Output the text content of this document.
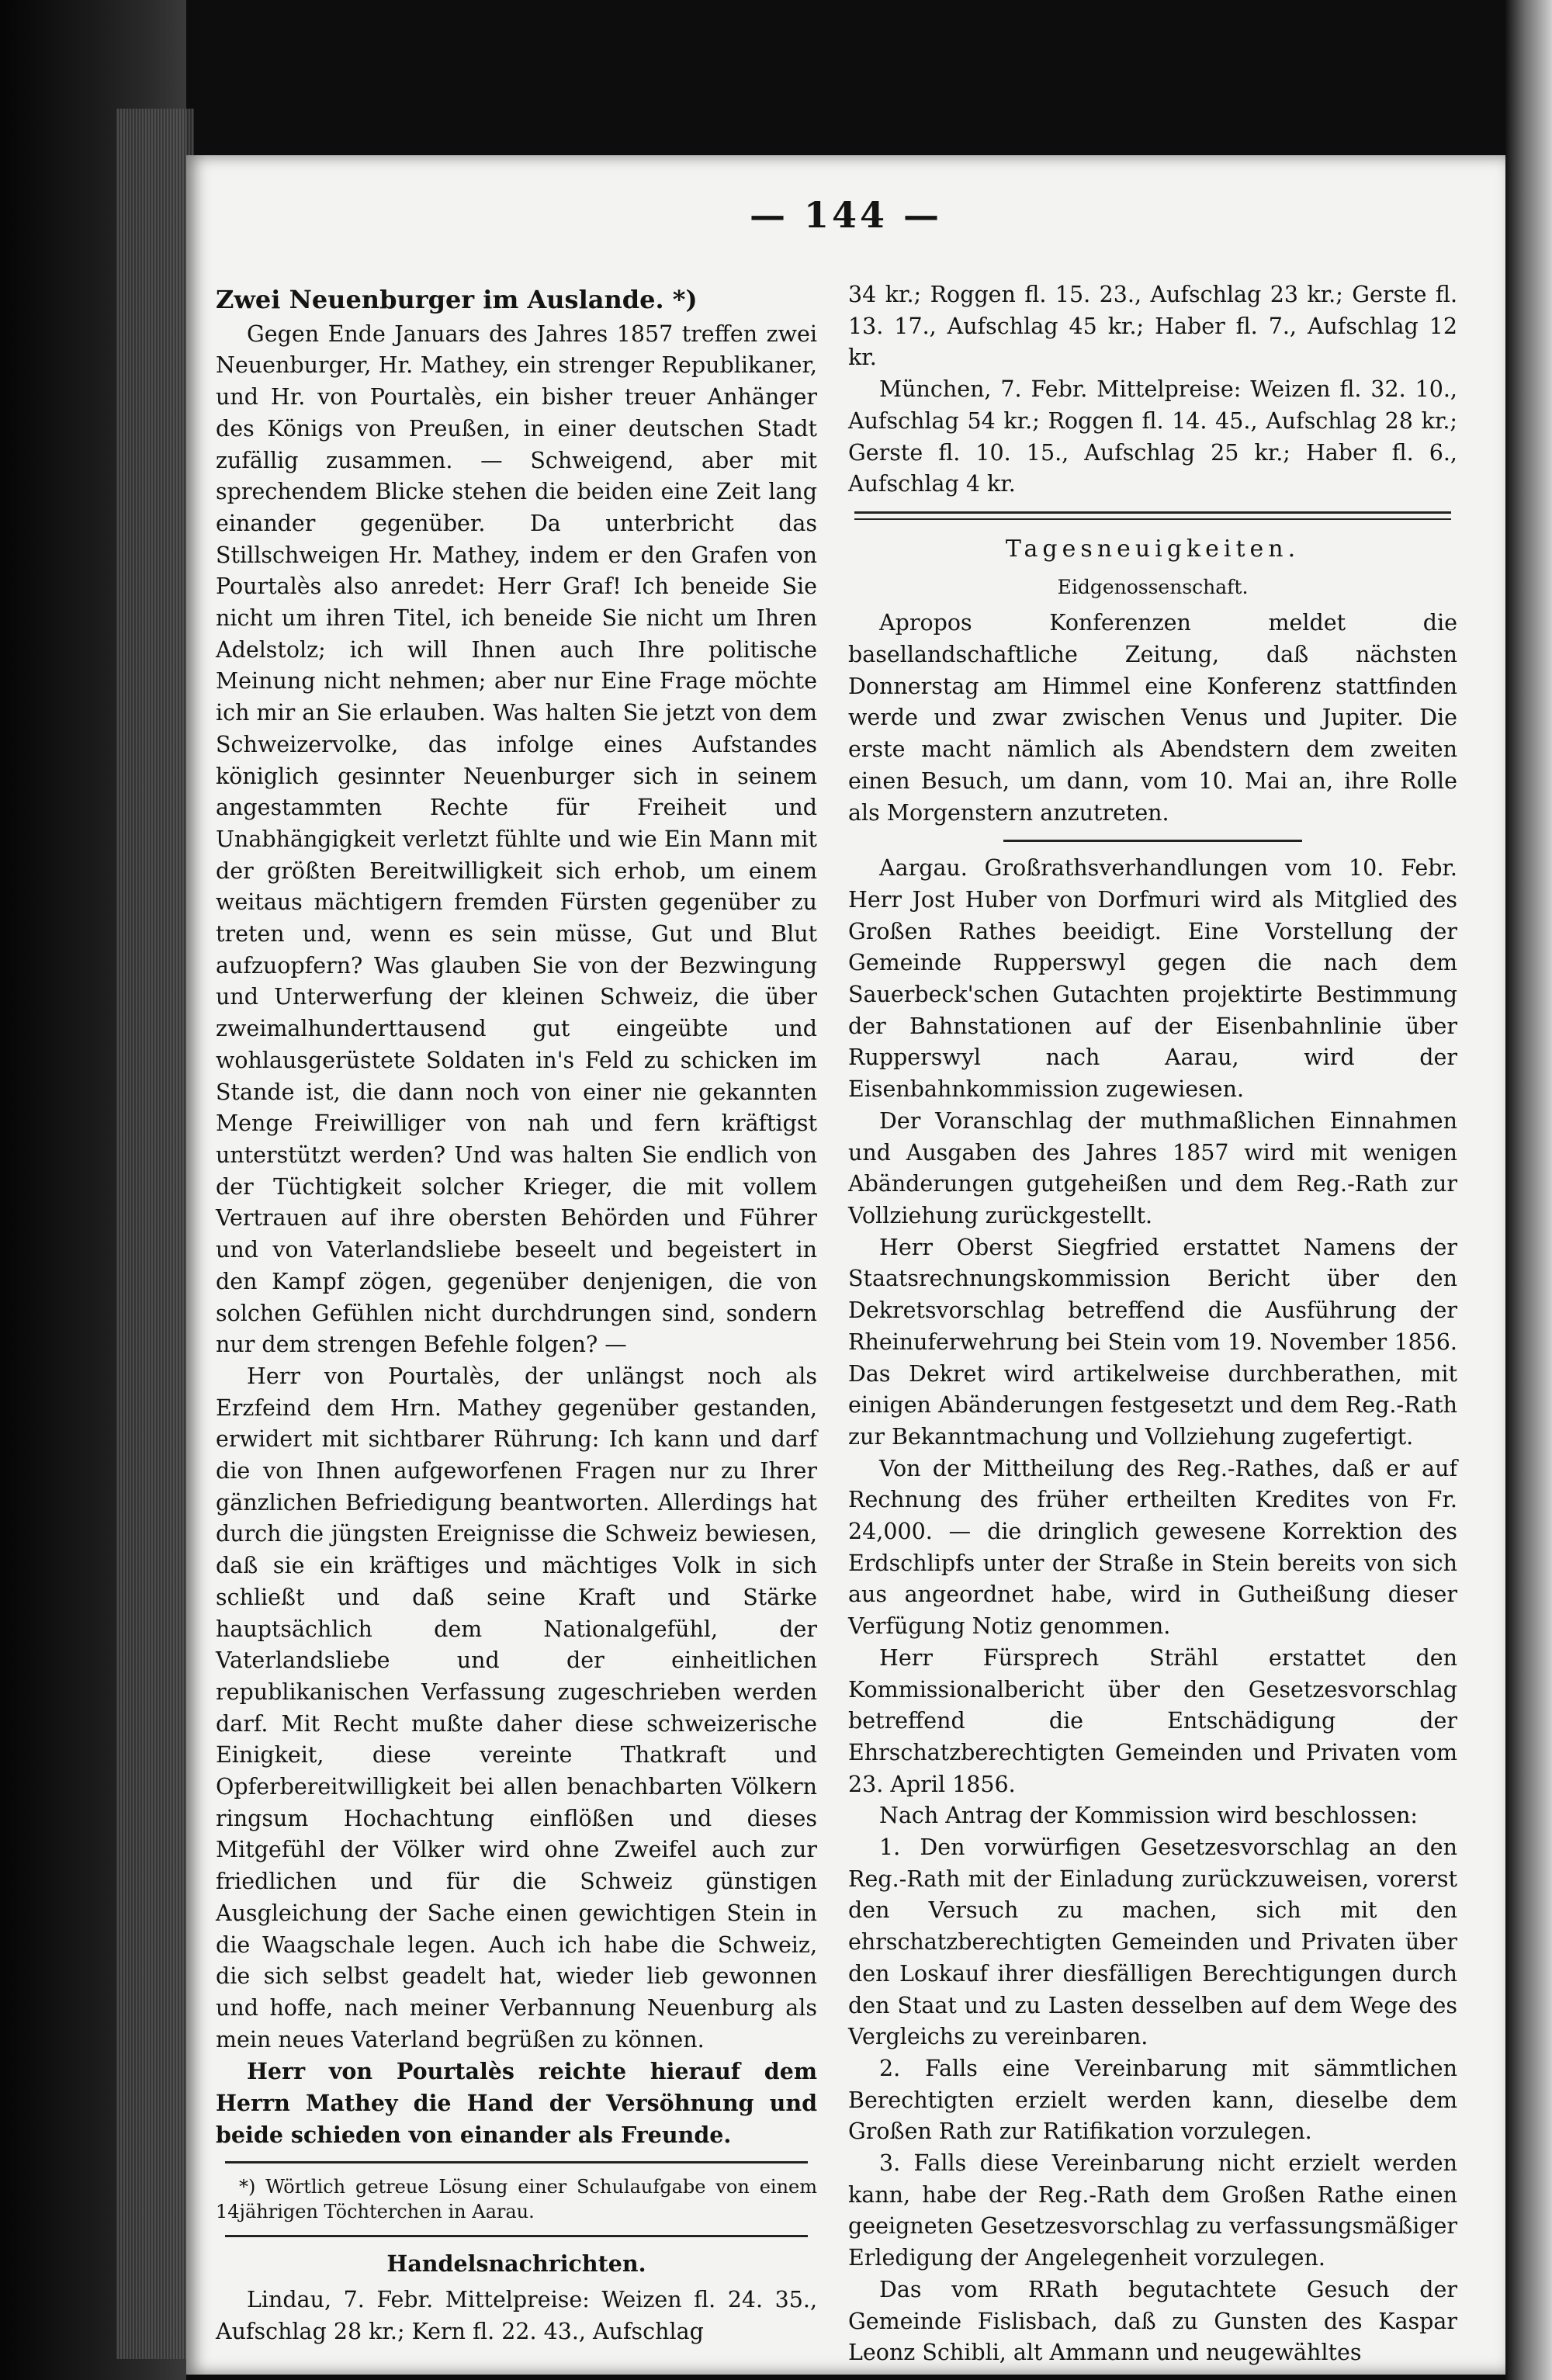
— 144 —
Zwei Neuenburger im Auslande. *)

Gegen Ende Januars des Jahres 1857 treffen zwei Neuenburger, Hr. Mathey, ein strenger Republikaner, und Hr. von Pourtalès, ein bisher treuer Anhänger des Königs von Preußen, in einer deutschen Stadt zufällig zusammen. — Schweigend, aber mit sprechendem Blicke stehen die beiden eine Zeit lang einander gegenüber. Da unterbricht das Stillschweigen Hr. Mathey, indem er den Grafen von Pourtalès also anredet: Herr Graf! Ich beneide Sie nicht um ihren Titel, ich beneide Sie nicht um Ihren Adelstolz; ich will Ihnen auch Ihre politische Meinung nicht nehmen; aber nur Eine Frage möchte ich mir an Sie erlauben. Was halten Sie jetzt von dem Schweizervolke, das infolge eines Aufstandes königlich gesinnter Neuenburger sich in seinem angestammten Rechte für Freiheit und Unabhängigkeit verletzt fühlte und wie Ein Mann mit der größten Bereitwilligkeit sich erhob, um einem weitaus mächtigern fremden Fürsten gegenüber zu treten und, wenn es sein müsse, Gut und Blut aufzuopfern? Was glauben Sie von der Bezwingung und Unterwerfung der kleinen Schweiz, die über zweimalhunderttausend gut eingeübte und wohlausgerüstete Soldaten in's Feld zu schicken im Stande ist, die dann noch von einer nie gekannten Menge Freiwilliger von nah und fern kräftigst unterstützt werden? Und was halten Sie endlich von der Tüchtigkeit solcher Krieger, die mit vollem Vertrauen auf ihre obersten Behörden und Führer und von Vaterlandsliebe beseelt und begeistert in den Kampf zögen, gegenüber denjenigen, die von solchen Gefühlen nicht durchdrungen sind, sondern nur dem strengen Befehle folgen? —

Herr von Pourtalès, der unlängst noch als Erzfeind dem Hrn. Mathey gegenüber gestanden, erwidert mit sichtbarer Rührung: Ich kann und darf die von Ihnen aufgeworfenen Fragen nur zu Ihrer gänzlichen Befriedigung beantworten. Allerdings hat durch die jüngsten Ereignisse die Schweiz bewiesen, daß sie ein kräftiges und mächtiges Volk in sich schließt und daß seine Kraft und Stärke hauptsächlich dem Nationalgefühl, der Vaterlandsliebe und der einheitlichen republikanischen Verfassung zugeschrieben werden darf. Mit Recht mußte daher diese schweizerische Einigkeit, diese vereinte Thatkraft und Opferbereitwilligkeit bei allen benachbarten Völkern ringsum Hochachtung einflößen und dieses Mitgefühl der Völker wird ohne Zweifel auch zur friedlichen und für die Schweiz günstigen Ausgleichung der Sache einen gewichtigen Stein in die Waagschale legen. Auch ich habe die Schweiz, die sich selbst geadelt hat, wieder lieb gewonnen und hoffe, nach meiner Verbannung Neuenburg als mein neues Vaterland begrüßen zu können.

Herr von Pourtalès reichte hierauf dem Herrn Mathey die Hand der Versöhnung und beide schieden von einander als Freunde.

*) Wörtlich getreue Lösung einer Schulaufgabe von einem 14jährigen Töchterchen in Aarau.

Handelsnachrichten.

Lindau, 7. Febr. Mittelpreise: Weizen fl. 24. 35., Aufschlag 28 kr.; Kern fl. 22. 43., Aufschlag

34 kr.; Roggen fl. 15. 23., Aufschlag 23 kr.; Gerste fl. 13. 17., Aufschlag 45 kr.; Haber fl. 7., Aufschlag 12 kr.

München, 7. Febr. Mittelpreise: Weizen fl. 32. 10., Aufschlag 54 kr.; Roggen fl. 14. 45., Aufschlag 28 kr.; Gerste fl. 10. 15., Aufschlag 25 kr.; Haber fl. 6., Aufschlag 4 kr.

Tagesneuigkeiten.
Eidgenossenschaft.

Apropos Konferenzen meldet die basellandschaftliche Zeitung, daß nächsten Donnerstag am Himmel eine Konferenz stattfinden werde und zwar zwischen Venus und Jupiter. Die erste macht nämlich als Abendstern dem zweiten einen Besuch, um dann, vom 10. Mai an, ihre Rolle als Morgenstern anzutreten.

Aargau. Großrathsverhandlungen vom 10. Febr. Herr Jost Huber von Dorfmuri wird als Mitglied des Großen Rathes beeidigt. Eine Vorstellung der Gemeinde Rupperswyl gegen die nach dem Sauerbeck'schen Gutachten projektirte Bestimmung der Bahnstationen auf der Eisenbahnlinie über Rupperswyl nach Aarau, wird der Eisenbahnkommission zugewiesen.

Der Voranschlag der muthmaßlichen Einnahmen und Ausgaben des Jahres 1857 wird mit wenigen Abänderungen gutgeheißen und dem Reg.-Rath zur Vollziehung zurückgestellt.

Herr Oberst Siegfried erstattet Namens der Staatsrechnungskommission Bericht über den Dekretsvorschlag betreffend die Ausführung der Rheinuferwehrung bei Stein vom 19. November 1856. Das Dekret wird artikelweise durchberathen, mit einigen Abänderungen festgesetzt und dem Reg.-Rath zur Bekanntmachung und Vollziehung zugefertigt.

Von der Mittheilung des Reg.-Rathes, daß er auf Rechnung des früher ertheilten Kredites von Fr. 24,000. — die dringlich gewesene Korrektion des Erdschlipfs unter der Straße in Stein bereits von sich aus angeordnet habe, wird in Gutheißung dieser Verfügung Notiz genommen.

Herr Fürsprech Strähl erstattet den Kommissionalbericht über den Gesetzesvorschlag betreffend die Entschädigung der Ehrschatzberechtigten Gemeinden und Privaten vom 23. April 1856.

Nach Antrag der Kommission wird beschlossen:

1. Den vorwürfigen Gesetzesvorschlag an den Reg.-Rath mit der Einladung zurückzuweisen, vorerst den Versuch zu machen, sich mit den ehrschatzberechtigten Gemeinden und Privaten über den Loskauf ihrer diesfälligen Berechtigungen durch den Staat und zu Lasten desselben auf dem Wege des Vergleichs zu vereinbaren.

2. Falls eine Vereinbarung mit sämmtlichen Berechtigten erzielt werden kann, dieselbe dem Großen Rath zur Ratifikation vorzulegen.

3. Falls diese Vereinbarung nicht erzielt werden kann, habe der Reg.-Rath dem Großen Rathe einen geeigneten Gesetzesvorschlag zu verfassungsmäßiger Erledigung der Angelegenheit vorzulegen.

Das vom RRath begutachtete Gesuch der Gemeinde Fislisbach, daß zu Gunsten des Kaspar Leonz Schibli, alt Ammann und neugewähltes
